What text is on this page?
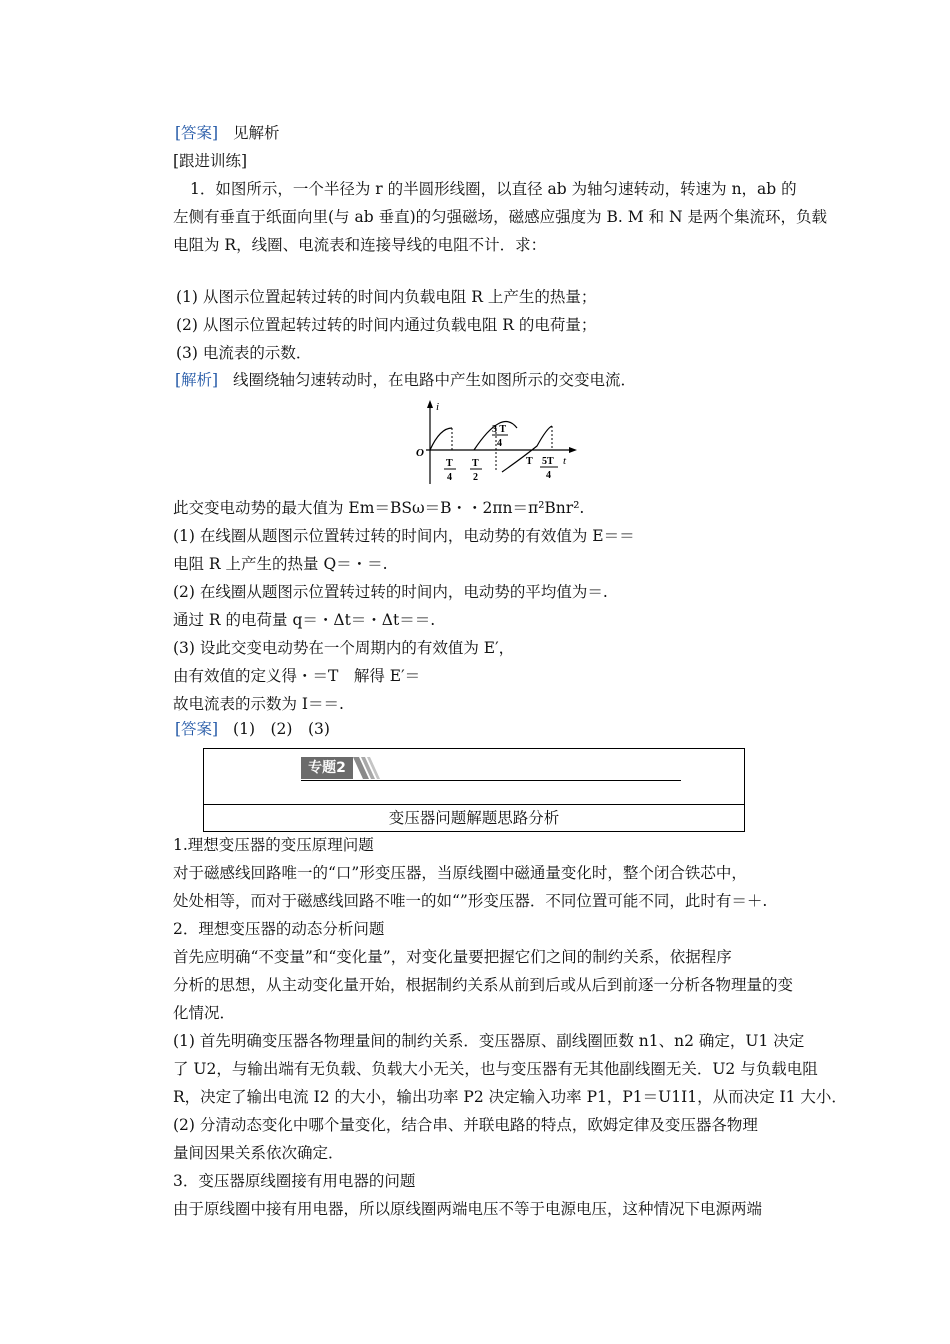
[答案] 见解析
[跟进训练]
1．如图所示，一个半径为 r 的半圆形线圈，以直径 ab 为轴匀速转动，转速为 n，ab 的
左侧有垂直于纸面向里(与 ab 垂直)的匀强磁场，磁感应强度为 B. M 和 N 是两个集流环，负载
电阻为 R，线圈、电流表和连接导线的电阻不计．求：
(1) 从图示位置起转过转的时间内负载电阻 R 上产生的热量；
(2) 从图示位置起转过转的时间内通过负载电阻 R 的电荷量；
(3) 电流表的示数．
[解析] 线圈绕轴匀速转动时，在电路中产生如图所示的交变电流．
i
t
O
T
4
T
2
3 T
4
T 5T
4
此交变电动势的最大值为 Em＝BSω＝B・・2πn＝π²Bnr².
(1) 在线圈从题图示位置转过转的时间内，电动势的有效值为 E＝＝
电阻 R 上产生的热量 Q＝・＝.
(2) 在线圈从题图示位置转过转的时间内，电动势的平均值为＝.
通过 R 的电荷量 q＝・Δt＝・Δt＝＝.
(3) 设此交变电动势在一个周期内的有效值为 E′，
由有效值的定义得・＝T　解得 E′＝
故电流表的示数为 I＝＝.
[答案] (1)　(2)　(3)
专题2
变压器问题解题思路分析
1.理想变压器的变压原理问题
对于磁感线回路唯一的“口”形变压器，当原线圈中磁通量变化时，整个闭合铁芯中，
处处相等，而对于磁感线回路不唯一的如“”形变压器．不同位置可能不同，此时有＝＋.
2．理想变压器的动态分析问题
首先应明确“不变量”和“变化量”，对变化量要把握它们之间的制约关系，依据程序
分析的思想，从主动变化量开始，根据制约关系从前到后或从后到前逐一分析各物理量的变
化情况．
(1) 首先明确变压器各物理量间的制约关系．变压器原、副线圈匝数 n1、n2 确定，U1 决定
了 U2，与输出端有无负载、负载大小无关，也与变压器有无其他副线圈无关．U2 与负载电阻
R，决定了输出电流 I2 的大小，输出功率 P2 决定输入功率 P1，P1＝U1I1，从而决定 I1 大小．
(2) 分清动态变化中哪个量变化，结合串、并联电路的特点，欧姆定律及变压器各物理
量间因果关系依次确定．
3．变压器原线圈接有用电器的问题
由于原线圈中接有用电器，所以原线圈两端电压不等于电源电压，这种情况下电源两端
